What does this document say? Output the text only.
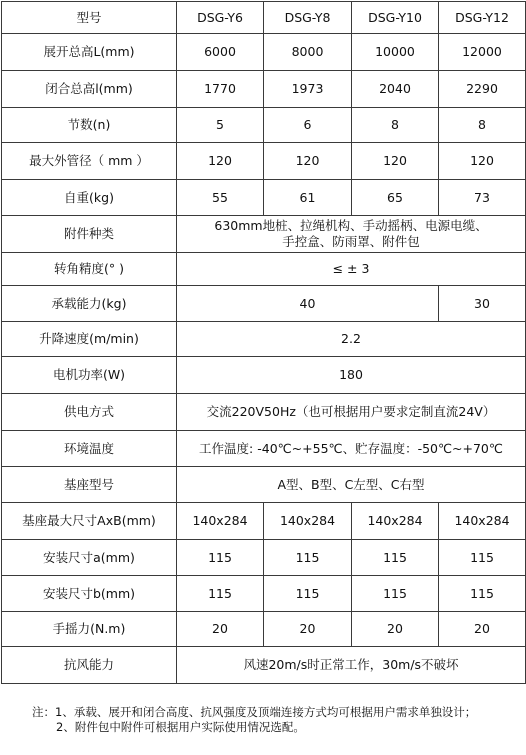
型号	DSG-Y6	DSG-Y8	DSG-Y10	DSG-Y12
展开总高L(mm)	6000	8000	10000	12000
闭合总高l(mm)	1770	1973	2040	2290
节数(n)	5	6	8	8
最大外管径（ mm ）	120	120	120	120
自重(kg)	55	61	65	73
附件种类	630mm地桩、拉绳机构、手动摇柄、电源电缆、
手控盒、防雨罩、附件包			

转角精度(° )	≤ ± 3			
承载能力(kg)	40			30
升降速度(m/min)	2.2			
电机功率(W)	180			
供电方式	交流220V50Hz（也可根据用户要求定制直流24V）			
环境温度	工作温度: -40℃~+55℃、贮存温度：-50℃~+70℃			
基座型号	A型、B型、C左型、C右型			
基座最大尺寸AxB(mm)	140x284	140x284	140x284	140x284
安装尺寸a(mm)	115	115	115	115
安装尺寸b(mm)	115	115	115	115
手摇力(N.m)	20	20	20	20
抗风能力	风速20m/s时正常工作，30m/s不破坏			
注：1、承载、展开和闭合高度、抗风强度及顶端连接方式均可根据用户需求单独设计；
2、附件包中附件可根据用户实际使用情况选配。
